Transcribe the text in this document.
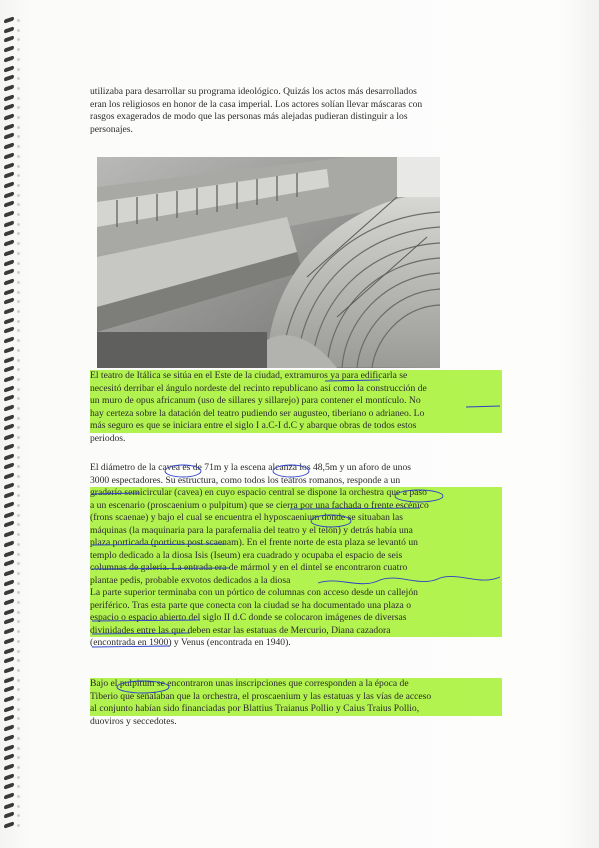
utilizaba para desarrollar su programa ideológico. Quizás los actos más desarrollados
eran los religiosos en honor de la casa imperial. Los actores solían llevar máscaras con
rasgos exagerados de modo que las personas más alejadas pudieran distinguir a los
personajes.
El teatro de Itálica se sitúa en el Este de la ciudad, extramuros ya para edificarla se
necesitó derribar el ángulo nordeste del recinto republicano así como la construcción de
un muro de opus africanum (uso de sillares y sillarejo) para contener el montículo. No
hay certeza sobre la datación del teatro pudiendo ser augusteo, tiberiano o adrianeo. Lo
más seguro es que se iniciara entre el siglo I a.C-I d.C y abarque obras de todos estos
periodos.
El diámetro de la cavea es de 71m y la escena alcanza los 48,5m y un aforo de unos
3000 espectadores. Su estructura, como todos los teatros romanos, responde a un
graderío semicircular (cavea) en cuyo espacio central se dispone la orchestra que a paso
a un escenario (proscaenium o pulpitum) que se cierra por una fachada o frente escénico
(frons scaenae) y bajo el cual se encuentra el hyposcaenium donde se situaban las
máquinas (la maquinaria para la parafernalia del teatro y el telón) y detrás había una
plaza porticada (porticus post scaenam). En el frente norte de esta plaza se levantó un
templo dedicado a la diosa Isis (Iseum) era cuadrado y ocupaba el espacio de seis
columnas de galería. La entrada era de mármol y en el dintel se encontraron cuatro
plantae pedis, probable exvotos dedicados a la diosa
La parte superior terminaba con un pórtico de columnas con acceso desde un callejón
periférico. Tras esta parte que conecta con la ciudad se ha documentado una plaza o
espacio o espacio abierto del siglo II d.C donde se colocaron imágenes de diversas
divinidades entre las que deben estar las estatuas de Mercurio, Diana cazadora
(encontrada en 1900) y Venus (encontrada en 1940).
Bajo el pulpitum se encontraron unas inscripciones que corresponden a la época de
Tiberio que señalaban que la orchestra, el proscaenium y las estatuas y las vías de acceso
al conjunto habían sido financiadas por Blattius Traianus Pollio y Caius Traius Pollio,
duoviros y seccedotes.
